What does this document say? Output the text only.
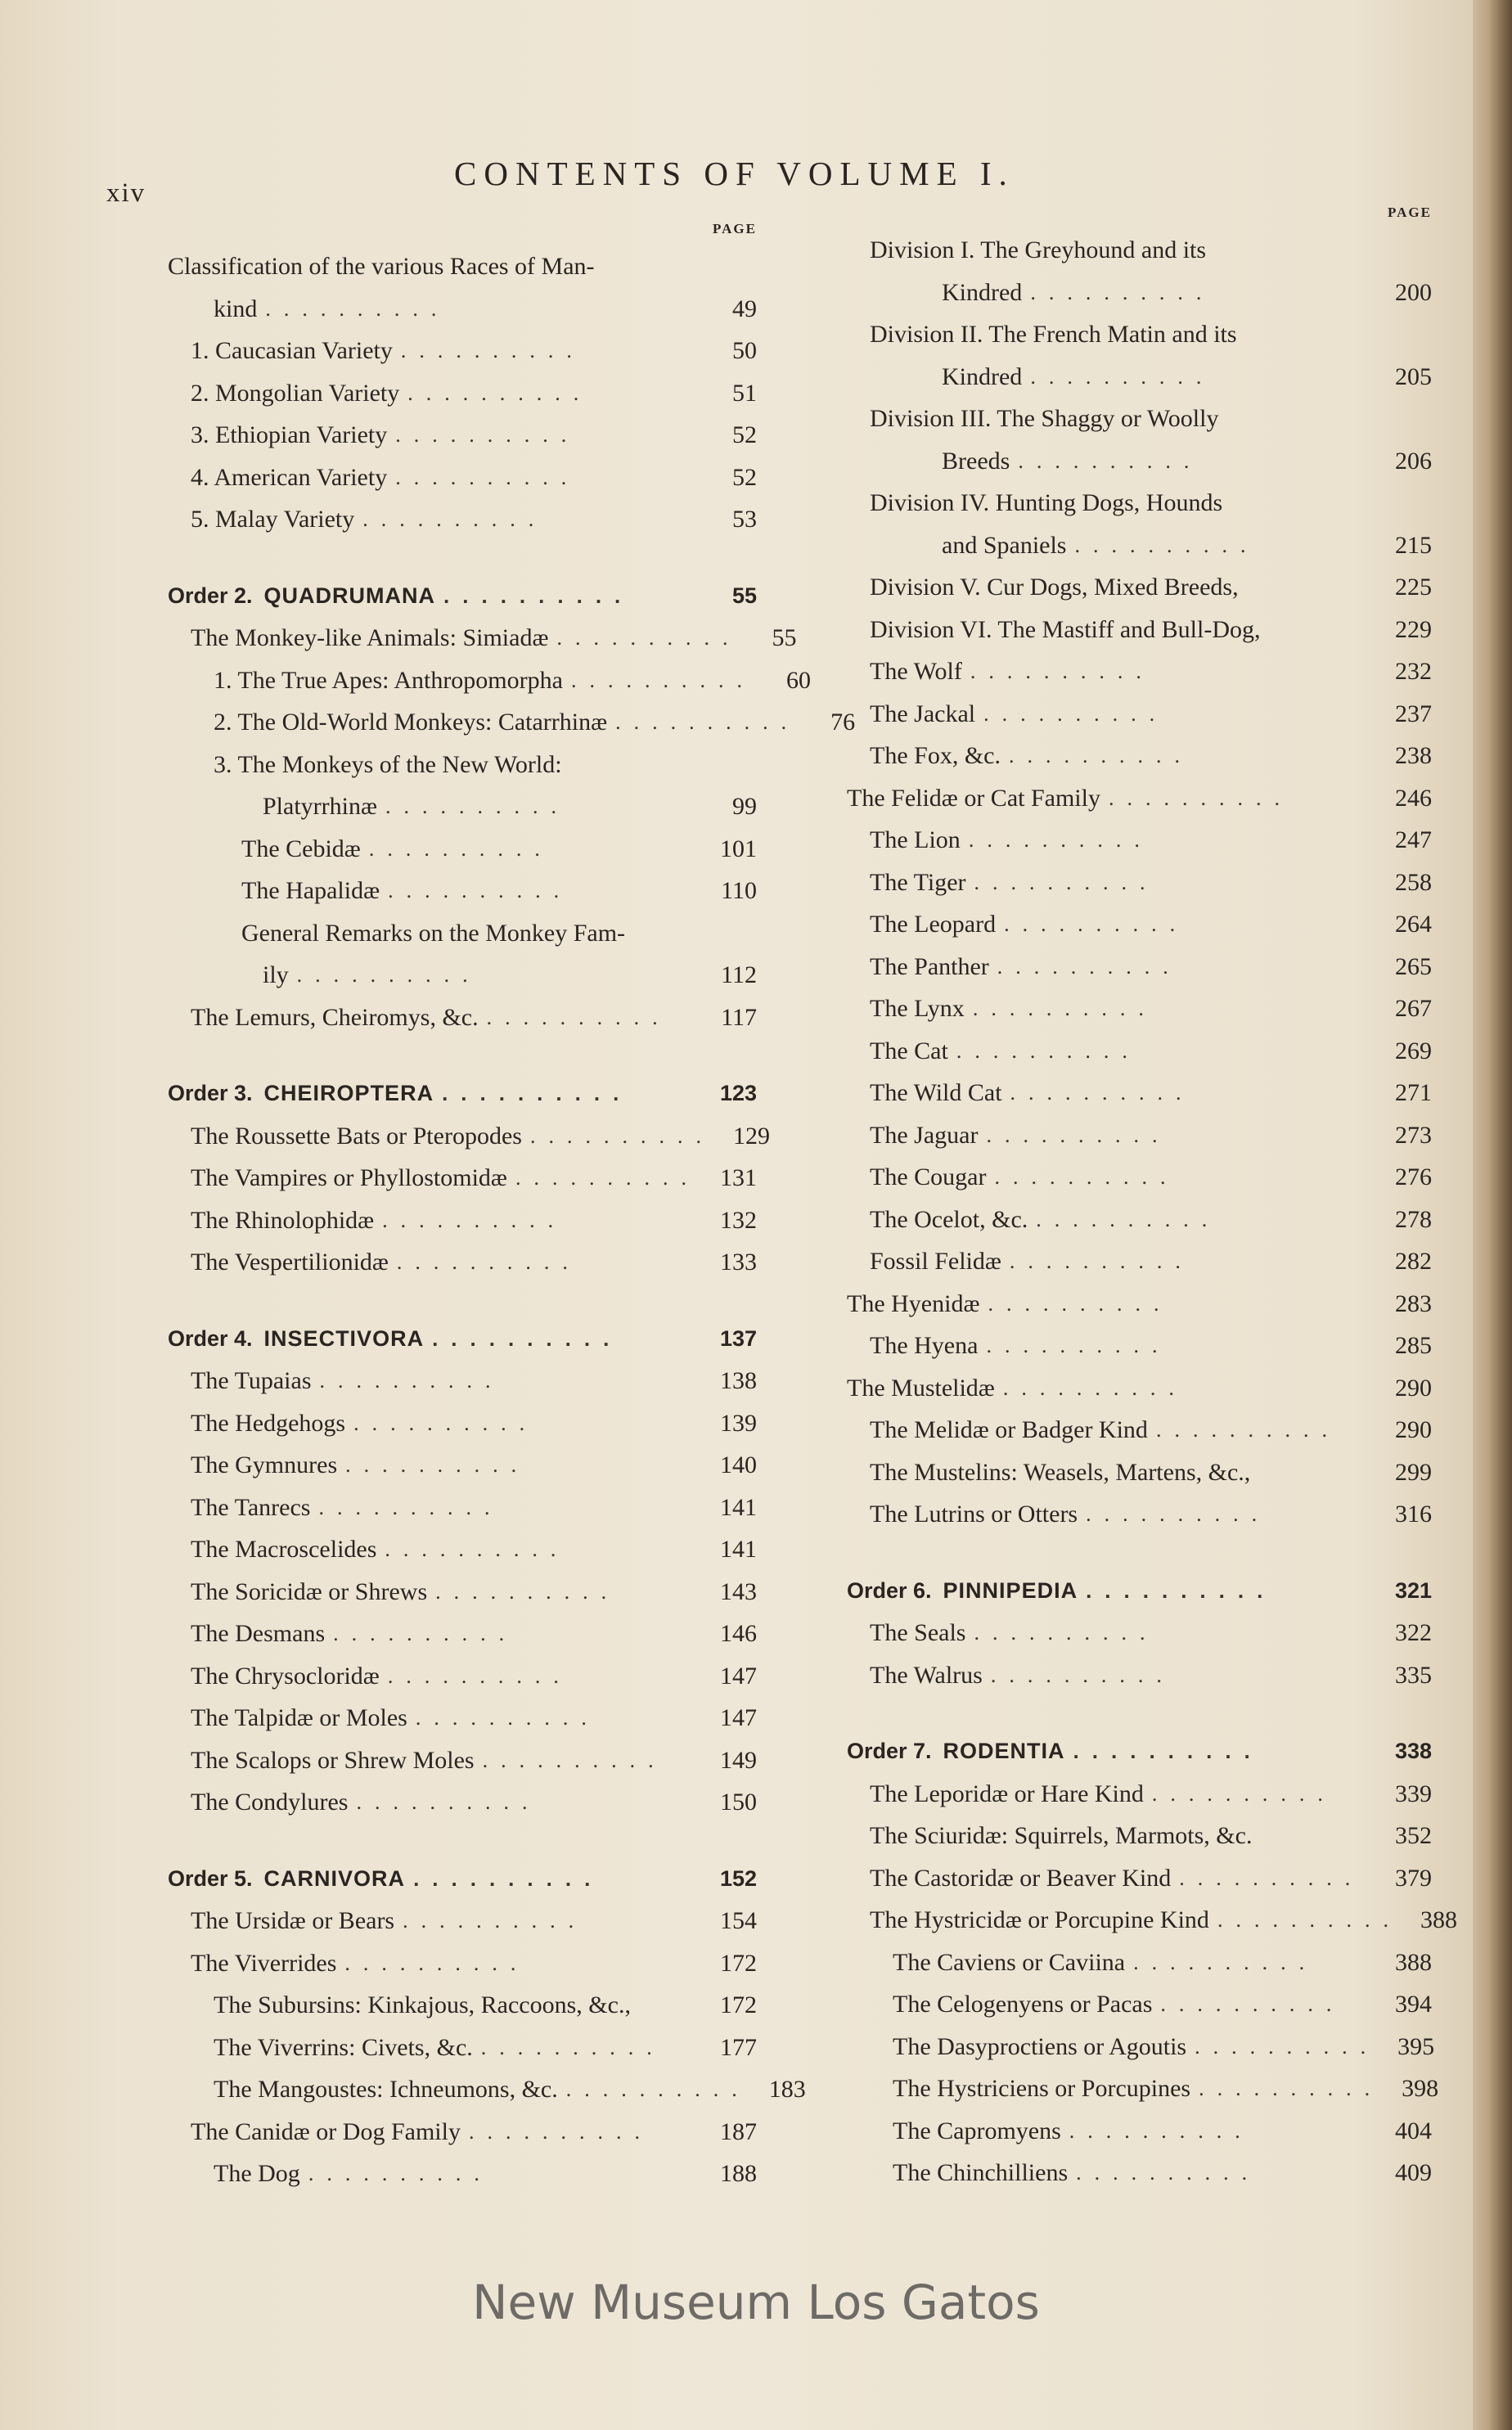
xiv
CONTENTS OF VOLUME I.
PAGE
Classification of the various Races of Man-
kind ..........	49
1. Caucasian Variety ..........	50
2. Mongolian Variety ..........	51
3. Ethiopian Variety ..........	52
4. American Variety ..........	52
5. Malay Variety ..........	53
Order 2. QUADRUMANA ..........	55
The Monkey-like Animals: Simiadæ ..........	55
1. The True Apes: Anthropomorpha ..........	60
2. The Old-World Monkeys: Catarrhinæ ..........	76
3. The Monkeys of the New World:
Platyrrhinæ ..........	99
The Cebidæ ..........	101
The Hapalidæ ..........	110
General Remarks on the Monkey Fam-
ily ..........	112
The Lemurs, Cheiromys, &c. ..........	117
Order 3. CHEIROPTERA ..........	123
The Roussette Bats or Pteropodes .......... 129
The Vampires or Phyllostomidæ .......... 131
The Rhinolophidæ ..........	132
The Vespertilionidæ ..........	133
Order 4. INSECTIVORA ..........	137
The Tupaias ..........	138
The Hedgehogs ..........	139
The Gymnures ..........	140
The Tanrecs ..........	141
The Macroscelides ..........	141
The Soricidæ or Shrews ..........	143
The Desmans ..........	146
The Chrysocloridæ ..........	147
The Talpidæ or Moles ..........	147
The Scalops or Shrew Moles ..........	149
The Condylures ..........	150
Order 5. CARNIVORA ..........	152
The Ursidæ or Bears ..........	154
The Viverrides ..........	172
The Subursins: Kinkajous, Raccoons, &c.,	172
The Viverrins: Civets, &c. ..........	177
The Mangoustes: Ichneumons, &c. .......... 183
The Canidæ or Dog Family ..........	187
The Dog ..........	188
PAGE
Division I. The Greyhound and its
Kindred ..........	200
Division II. The French Matin and its
Kindred ..........	205
Division III. The Shaggy or Woolly
Breeds ..........	206
Division IV. Hunting Dogs, Hounds
and Spaniels ..........	215
Division V. Cur Dogs, Mixed Breeds,	225
Division VI. The Mastiff and Bull-Dog,	229
The Wolf ..........	232
The Jackal ..........	237
The Fox, &c. ..........	238
The Felidæ or Cat Family ..........	246
The Lion ..........	247
The Tiger ..........	258
The Leopard ..........	264
The Panther ..........	265
The Lynx ..........	267
The Cat ..........	269
The Wild Cat ..........	271
The Jaguar ..........	273
The Cougar ..........	276
The Ocelot, &c. ..........	278
Fossil Felidæ ..........	282
The Hyenidæ ..........	283
The Hyena ..........	285
The Mustelidæ ..........	290
The Melidæ or Badger Kind ..........	290
The Mustelins: Weasels, Martens, &c.,	299
The Lutrins or Otters ..........	316
Order 6. PINNIPEDIA ..........	321
The Seals ..........	322
The Walrus ..........	335
Order 7. RODENTIA ..........	338
The Leporidæ or Hare Kind ..........	339
The Sciuridæ: Squirrels, Marmots, &c.	352
The Castoridæ or Beaver Kind ..........	379
The Hystricidæ or Porcupine Kind .......... 388
The Caviens or Caviina ..........	388
The Celogenyens or Pacas ..........	394
The Dasyproctiens or Agoutis .......... 395
The Hystriciens or Porcupines .......... 398
The Capromyens ..........	404
The Chinchilliens ..........	409
New Museum Los Gatos
